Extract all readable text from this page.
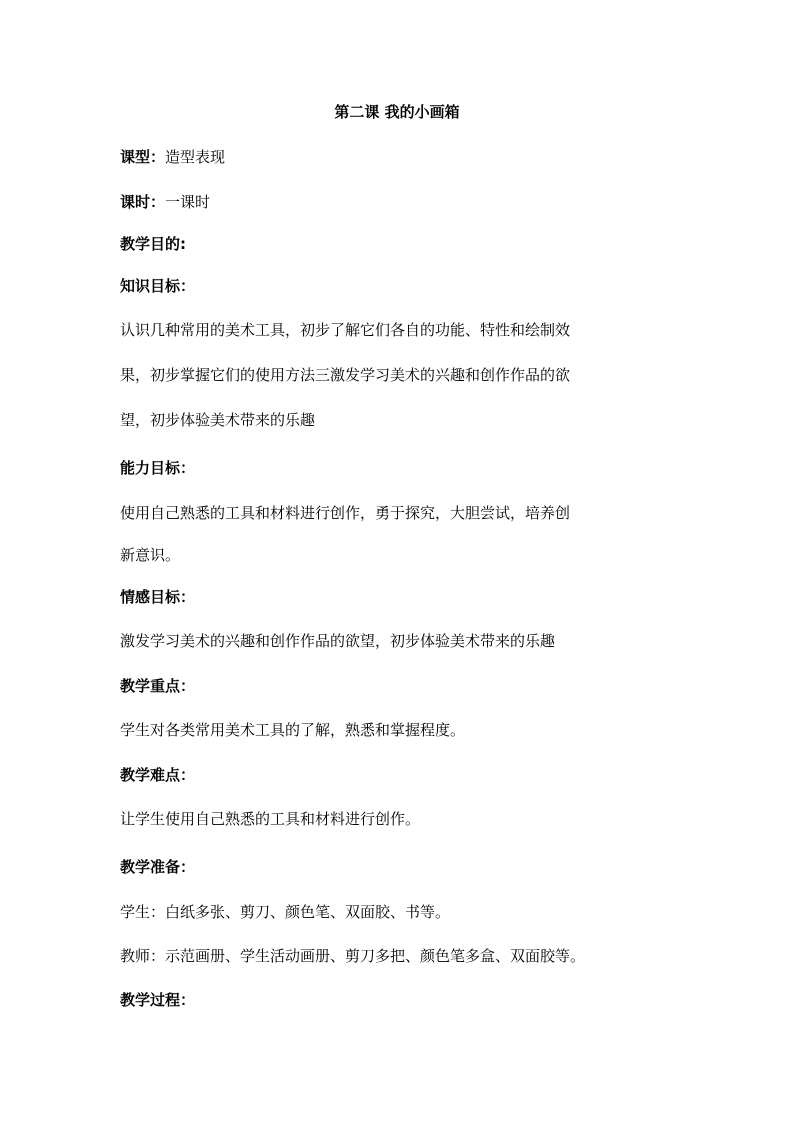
第二课 我的小画箱
课型：造型表现
课时：一课时
教学目的:
知识目标：
认识几种常用的美术工具，初步了解它们各自的功能、特性和绘制效
果，初步掌握它们的使用方法三激发学习美术的兴趣和创作作品的欲
望，初步体验美术带来的乐趣
能力目标：
使用自己熟悉的工具和材料进行创作，勇于探究，大胆尝试，培养创
新意识。
情感目标：
激发学习美术的兴趣和创作作品的欲望，初步体验美术带来的乐趣
教学重点：
学生对各类常用美术工具的了解，熟悉和掌握程度。
教学难点：
让学生使用自己熟悉的工具和材料进行创作。
教学准备：
学生：白纸多张、剪刀、颜色笔、双面胶、书等。
教师：示范画册、学生活动画册、剪刀多把、颜色笔多盒、双面胶等。
教学过程：
